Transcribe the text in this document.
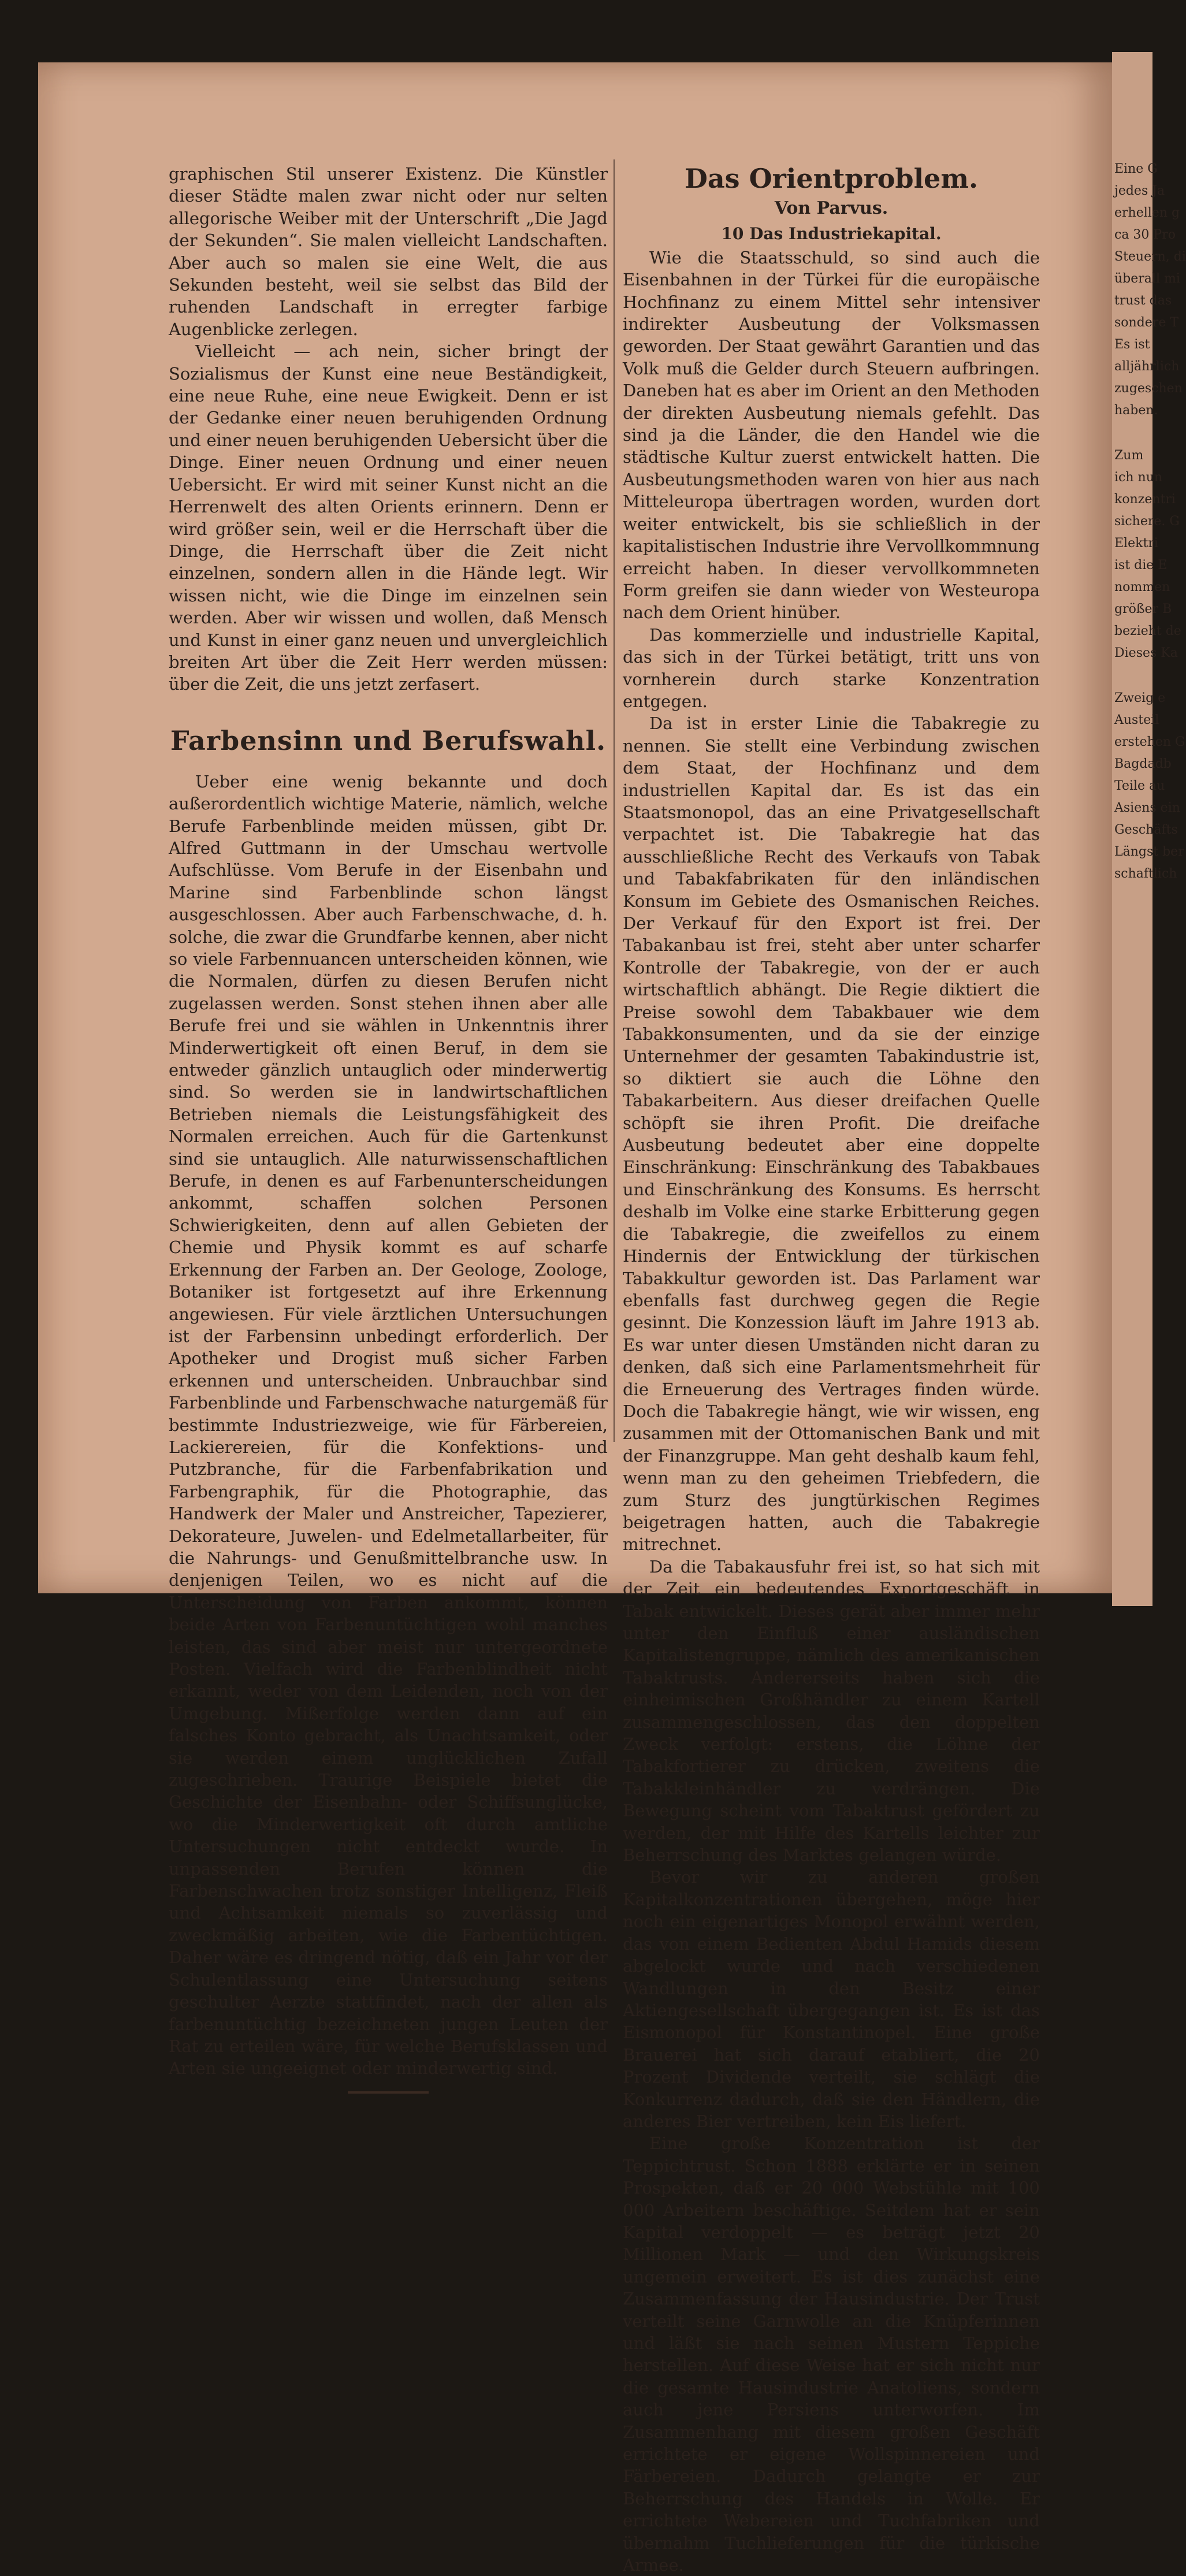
Eine G
jedes Ja
erhellen g
ca 30 Pro
Steuern, di
überall mi
trust das
sondere T
Es ist
alljährlich
zugeschen
haben.
Zum
ich nun
konzentri
sichere. G
Elektri
ist die E
nommen
größer B
bezieht de
Dieses Ka
Zweig e
Austeil
erstehen G
Bagdadb
Teile au
Asiens ein
Geschäfts
Längst ber
schaftlich

graphischen Stil unserer Existenz. Die Künstler dieser Städte malen zwar nicht oder nur selten allegorische Weiber mit der Unterschrift „Die Jagd der Sekunden“. Sie malen vielleicht Landschaften. Aber auch so malen sie eine Welt, die aus Sekunden besteht, weil sie selbst das Bild der ruhenden Landschaft in erregter farbige Augenblicke zerlegen.

Vielleicht — ach nein, sicher bringt der Sozialismus der Kunst eine neue Beständigkeit, eine neue Ruhe, eine neue Ewigkeit. Denn er ist der Gedanke einer neuen beruhigenden Ordnung und einer neuen beruhigenden Uebersicht über die Dinge. Einer neuen Ordnung und einer neuen Uebersicht. Er wird mit seiner Kunst nicht an die Herrenwelt des alten Orients erinnern. Denn er wird größer sein, weil er die Herrschaft über die Dinge, die Herrschaft über die Zeit nicht einzelnen, sondern allen in die Hände legt. Wir wissen nicht, wie die Dinge im einzelnen sein werden. Aber wir wissen und wollen, daß Mensch und Kunst in einer ganz neuen und unvergleichlich breiten Art über die Zeit Herr werden müssen: über die Zeit, die uns jetzt zerfasert.

Farbensinn und Berufswahl.

Ueber eine wenig bekannte und doch außerordentlich wichtige Materie, nämlich, welche Berufe Farbenblinde meiden müssen, gibt Dr. Alfred Guttmann in der Umschau wertvolle Aufschlüsse. Vom Berufe in der Eisenbahn und Marine sind Farbenblinde schon längst ausgeschlossen. Aber auch Farbenschwache, d. h. solche, die zwar die Grundfarbe kennen, aber nicht so viele Farbennuancen unterscheiden können, wie die Normalen, dürfen zu diesen Berufen nicht zugelassen werden. Sonst stehen ihnen aber alle Berufe frei und sie wählen in Unkenntnis ihrer Minderwertigkeit oft einen Beruf, in dem sie entweder gänzlich untauglich oder minderwertig sind. So werden sie in landwirtschaftlichen Betrieben niemals die Leistungsfähigkeit des Normalen erreichen. Auch für die Gartenkunst sind sie untauglich. Alle naturwissenschaftlichen Berufe, in denen es auf Farbenunterscheidungen ankommt, schaffen solchen Personen Schwierigkeiten, denn auf allen Gebieten der Chemie und Physik kommt es auf scharfe Erkennung der Farben an. Der Geologe, Zoologe, Botaniker ist fortgesetzt auf ihre Erkennung angewiesen. Für viele ärztlichen Untersuchungen ist der Farbensinn unbedingt erforderlich. Der Apotheker und Drogist muß sicher Farben erkennen und unterscheiden. Unbrauchbar sind Farbenblinde und Farbenschwache naturgemäß für bestimmte Industriezweige, wie für Färbereien, Lackierereien, für die Konfektions- und Putzbranche, für die Farbenfabrikation und Farbengraphik, für die Photographie, das Handwerk der Maler und Anstreicher, Tapezierer, Dekorateure, Juwelen- und Edelmetallarbeiter, für die Nahrungs- und Genußmittelbranche usw. In denjenigen Teilen, wo es nicht auf die Unterscheidung von Farben ankommt, können beide Arten von Farbenuntüchtigen wohl manches leisten, das sind aber meist nur untergeordnete Posten. Vielfach wird die Farbenblindheit nicht erkannt, weder von dem Leidenden, noch von der Umgebung. Mißerfolge werden dann auf ein falsches Konto gebracht, als Unachtsamkeit, oder sie werden einem unglücklichen Zufall zugeschrieben. Traurige Beispiele bietet die Geschichte der Eisenbahn- oder Schiffsunglücke, wo die Minderwertigkeit oft durch amtliche Untersuchungen nicht entdeckt wurde. In unpassenden Berufen können die Farbenschwachen trotz sonstiger Intelligenz, Fleiß und Achtsamkeit niemals so zuverlässig und zweckmäßig arbeiten, wie die Farbentüchtigen. Daher wäre es dringend nötig, daß ein Jahr vor der Schulentlassung eine Untersuchung seitens geschulter Aerzte stattfindet, nach der allen als farbenuntüchtig bezeichneten jungen Leuten der Rat zu erteilen wäre, für welche Berufsklassen und Arten sie ungeeignet oder minderwertig sind.

Das Orientproblem.
Von Parvus.
10 Das Industriekapital.

Wie die Staatsschuld, so sind auch die Eisenbahnen in der Türkei für die europäische Hochfinanz zu einem Mittel sehr intensiver indirekter Ausbeutung der Volksmassen geworden. Der Staat gewährt Garantien und das Volk muß die Gelder durch Steuern aufbringen. Daneben hat es aber im Orient an den Methoden der direkten Ausbeutung niemals gefehlt. Das sind ja die Länder, die den Handel wie die städtische Kultur zuerst entwickelt hatten. Die Ausbeutungsmethoden waren von hier aus nach Mitteleuropa übertragen worden, wurden dort weiter entwickelt, bis sie schließlich in der kapitalistischen Industrie ihre Vervollkommnung erreicht haben. In dieser vervollkommneten Form greifen sie dann wieder von Westeuropa nach dem Orient hinüber.

Das kommerzielle und industrielle Kapital, das sich in der Türkei betätigt, tritt uns von vornherein durch starke Konzentration entgegen.

Da ist in erster Linie die Tabakregie zu nennen. Sie stellt eine Verbindung zwischen dem Staat, der Hochfinanz und dem industriellen Kapital dar. Es ist das ein Staatsmonopol, das an eine Privatgesellschaft verpachtet ist. Die Tabakregie hat das ausschließliche Recht des Verkaufs von Tabak und Tabakfabrikaten für den inländischen Konsum im Gebiete des Osmanischen Reiches. Der Verkauf für den Export ist frei. Der Tabakanbau ist frei, steht aber unter scharfer Kontrolle der Tabakregie, von der er auch wirtschaftlich abhängt. Die Regie diktiert die Preise sowohl dem Tabakbauer wie dem Tabakkonsumenten, und da sie der einzige Unternehmer der gesamten Tabakindustrie ist, so diktiert sie auch die Löhne den Tabakarbeitern. Aus dieser dreifachen Quelle schöpft sie ihren Profit. Die dreifache Ausbeutung bedeutet aber eine doppelte Einschränkung: Einschränkung des Tabakbaues und Einschränkung des Konsums. Es herrscht deshalb im Volke eine starke Erbitterung gegen die Tabakregie, die zweifellos zu einem Hindernis der Entwicklung der türkischen Tabakkultur geworden ist. Das Parlament war ebenfalls fast durchweg gegen die Regie gesinnt. Die Konzession läuft im Jahre 1913 ab. Es war unter diesen Umständen nicht daran zu denken, daß sich eine Parlamentsmehrheit für die Erneuerung des Vertrages finden würde. Doch die Tabakregie hängt, wie wir wissen, eng zusammen mit der Ottomanischen Bank und mit der Finanzgruppe. Man geht deshalb kaum fehl, wenn man zu den geheimen Triebfedern, die zum Sturz des jungtürkischen Regimes beigetragen hatten, auch die Tabakregie mitrechnet.

Da die Tabakausfuhr frei ist, so hat sich mit der Zeit ein bedeutendes Exportgeschäft in Tabak entwickelt. Dieses gerät aber immer mehr unter den Einfluß einer ausländischen Kapitalistengruppe, nämlich des amerikanischen Tabaktrusts. Andererseits haben sich die einheimischen Großhändler zu einem Kartell zusammengeschlossen, das den doppelten Zweck verfolgt: erstens, die Löhne der Tabakfortierer zu drücken, zweitens die Tabakkleinhändler zu verdrängen. Die Bewegung scheint vom Tabaktrust gefördert zu werden, der mit Hilfe des Kartells leichter zur Beherrschung des Marktes gelangen würde.

Bevor wir zu anderen großen Kapitalkonzentrationen übergehen, möge hier noch ein eigenartiges Monopol erwähnt werden, das von einem Bedienten Abdul Hamids diesem abgelockt wurde und nach verschiedenen Wandlungen in den Besitz einer Aktiengesellschaft übergegangen ist. Es ist das Eismonopol für Konstantinopel. Eine große Brauerei hat sich darauf etabliert, die 20 Prozent Dividende verteilt, sie schlägt die Konkurrenz dadurch, daß sie den Händlern, die anderes Bier vertreiben, kein Eis liefert.

Eine große Konzentration ist der Teppichtrust. Schon 1888 erklärte er in seinen Prospekten, daß er 20 000 Webstühle mit 100 000 Arbeitern beschäftige. Seitdem hat er sein Kapital verdoppelt — es beträgt jetzt 20 Millionen Mark — und den Wirkungskreis ungemein erweitert. Es ist dies zunächst eine Zusammenfassung der Hausindustrie. Der Trust verteilt seine Garnwolle an die Knüpferinnen und läßt sie nach seinen Mustern Teppiche herstellen. Auf diese Weise hat er sich nicht nur die gesamte Hausindustrie Anatoliens, sondern auch jene Persiens unterworfen. Im Zusammenhang mit diesem großen Geschäft errichtete er eigene Wollspinnereien und Färbereien. Dadurch gelangte er zur Beherrschung des Handels in Wolle. Er errichtete Webereien und Tuchfabriken und übernahm Tuchlieferungen für die türkische Armee.
